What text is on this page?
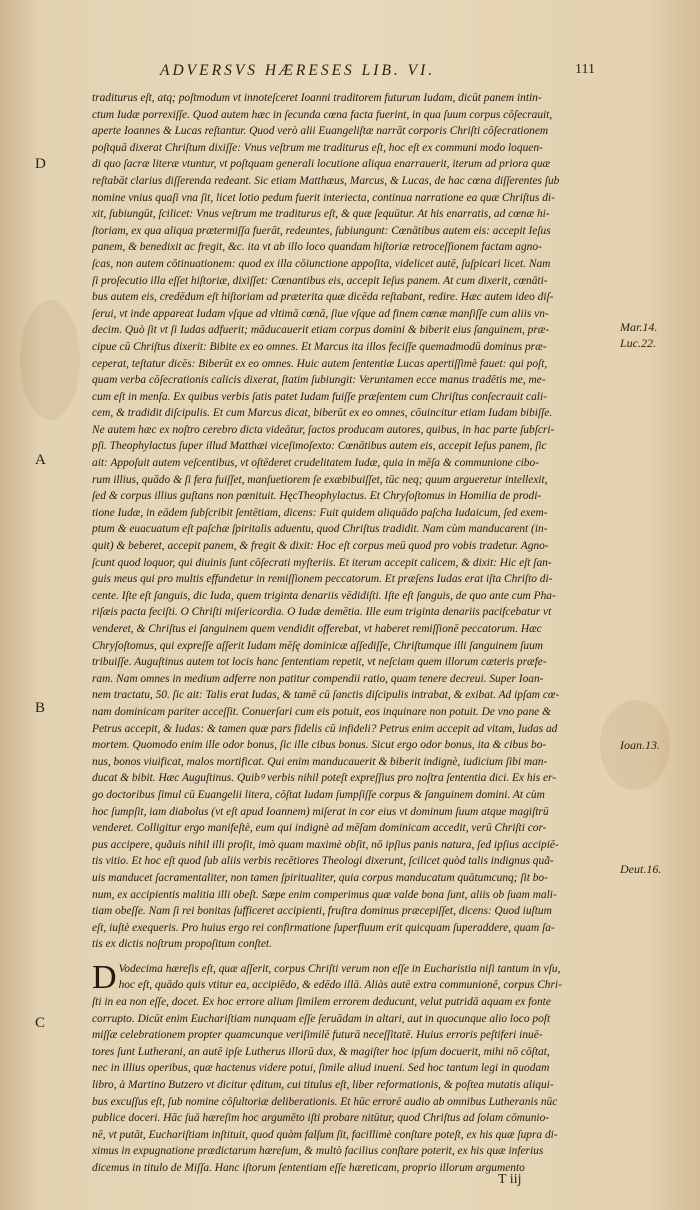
ADVERSVS HÆRESES LIB. VI.	111
D
A
B
C
Mar.14.
Luc.22.
Ioan.13.
Deut.16.
traditurus eſt, atq; poſtmodum vt innoteſceret Ioanni traditorem futurum Iudam, dicūt panem intin-
ctum Iudæ porrexiſſe. Quod autem hæc in ſecunda cœna facta fuerint, in qua ſuum corpus cōſecrauit,
aperte Ioannes & Lucas reſtantur. Quod verò alii Euangeliſtæ narrāt corporis Chriſti cōſecrationem
poſtquā dixerat Chriſtum dixiſſe: Vnus veſtrum me traditurus eſt, hoc eſt ex communi modo loquen-
di quo ſacræ literæ vtuntur, vt poſtquam generali locutione aliqua enarrauerit, iterum ad priora quæ
reſtabāt clarius diſſerenda redeant. Sic etiam Matthæus, Marcus, & Lucas, de hac cœna diſſerentes ſub
nomine vnius quaſi vna ſit, licet lotio pedum fuerit interiecta, continua narratione ea quæ Chriſtus di-
xit, ſubiungūt, ſcilicet: Vnus veſtrum me traditurus eſt, & quæ ſequūtur. At his enarratis, ad cœnæ hi-
ſtoriam, ex qua aliqua prætermiſſa fuerāt, redeuntes, ſubiungunt: Cœnātibus autem eis: accepit Ieſus
panem, & benedixit ac fregit, &c. ita vt ab illo loco quandam hiſtoriæ retroceſſionem factam agno-
ſcas, non autem cōtinuationem: quod ex illa cōiunctione appoſita, videlicet autē, ſuſpicari licet. Nam
ſi proſecutio illa eſſet hiſtoriæ, dixiſſet: Cœnantibus eis, accepit Ieſus panem. At cum dixerit, cœnāti-
bus autem eis, credēdum eſt hiſtoriam ad præterita quæ dicēda reſtabant, redire. Hæc autem ideo diſ-
ſerui, vt inde appareat Iudam vſque ad vltimā cœnā, ſiue vſque ad finem cœnæ manſiſſe cum aliis vn-
decim. Quò ſit vt ſi Iudas adfuerit; māducauerit etiam corpus domini & biberit eius ſanguinem, præ-
cipue cū Chriſtus dixerit: Bibite ex eo omnes. Et Marcus ita illos feciſſe quemadmodū dominus præ-
ceperat, teſtatur dicēs: Biberūt ex eo omnes. Huic autem ſententiæ Lucas apertiſſimè fauet: qui poſt,
quam verba cōſecrationis calicis dixerat, ſtatim ſubiungit: Veruntamen ecce manus tradētis me, me-
cum eſt in menſa. Ex quibus verbis ſatis patet Iudam fuiſſe præſentem cum Chriſtus conſecrauit cali-
cem, & tradidit diſcipulis. Et cum Marcus dicat, biberūt ex eo omnes, cōuincitur etiam Iudam bibiſſe.
Ne autem hæc ex noſtro cerebro dicta videātur, ſactos producam autores, quibus, in hac parte ſubſcri-
pſi. Theophylactus ſuper illud Matthæi viceſimoſexto: Cœnātibus autem eis, accepit Ieſus panem, ſic
ait: Appoſuit autem veſcentibus, vt oſtēderet crudelitatem Iudæ, quia in mēſa & communione cibo-
rum illius, quādo & ſi fera fuiſſet, manſuetiorem ſe exæbibuiſſet, tūc neq; quum argueretur intellexit,
ſed & corpus illius guſtans non pœnituit. HęcTheophylactus. Et Chryſoſtomus in Homilia de prodi-
tione Iudæ, in eādem ſubſcribit ſentētiam, dicens: Fuit quidem aliquādo paſcha Iudaicum, ſed exem-
ptum & euacuatum eſt paſchæ ſpiritalis aduentu, quod Chriſtus tradidit. Nam cùm manducarent (in-
quit) & beberet, accepit panem, & fregit & dixit: Hoc eſt corpus meū quod pro vobis tradetur. Agno-
ſcunt quod loquor, qui diuinis ſunt cōſecrati myſteriis. Et iterum accepit calicem, & dixit: Hic eſt ſan-
guis meus qui pro multis effundetur in remiſſionem peccatorum. Et præſens Iudas erat iſta Chriſto di-
cente. Iſte eſt ſanguis, dic Iuda, quem triginta denariis vēdidiſti. Iſte eſt ſanguis, de quo ante cum Pha-
riſæis pacta feciſti. O Chriſti miſericordia. O Iudæ demētia. Ille eum triginta denariis pacifcebatur vt
venderet, & Chriſtus ei ſanguinem quem vendidit offerebat, vt haberet remiſſionē peccatorum. Hæc
Chryſoſtomus, qui expreſſe aſſerit Iudam mēſę dominicæ aſſediſſe, Chriſtumque illi ſanguinem ſuum
tribuiſſe. Auguſtinus autem tot locis hanc ſententiam repetit, vt neſciam quem illorum cæteris præfe-
ram. Nam omnes in medium adferre non patitur compendii ratio, quam tenere decreui. Super Ioan-
nem tractatu, 50. ſic ait: Talis erat Iudas, & tamē cū ſanctis diſcipulis intrabat, & exibat. Ad ipſam cœ-
nam dominicam pariter acceſſit. Conuerſari cum eis potuit, eos inquinare non potuit. De vno pane &
Petrus accepit, & Iudas: & tamen quæ pars fidelis cū infideli? Petrus enim accepit ad vitam, Iudas ad
mortem. Quomodo enim ille odor bonus, ſic ille cibus bonus. Sicut ergo odor bonus, ita & cibus bo-
nus, bonos viuificat, malos mortificat. Qui enim manducauerit & biberit indignè, iudicium ſibi man-
ducat & bibit. Hæc Auguſtinus. Quibꝰ verbis nihil poteſt expreſſius pro noſtra ſententia dici. Ex his er-
go doctoribus ſimul cū Euangelii litera, cōſtat Iudam ſumpſiſſe corpus & ſanguinem domini. At cùm
hoc ſumpſit, iam diabolus (vt eſt apud Ioannem) miſerat in cor eius vt dominum ſuum atque magiſtrū
venderet. Colligitur ergo manifeſtè, eum qui indignè ad mēſam dominicam accedit, verū Chriſti cor-
pus accipere, quãuis nihil illi proſit, imò quam maximè obſit, nō ipſius panis natura, ſed ipſius accipiē-
tis vitio. Et hoc eſt quod ſub aliis verbis recētiores Theologi dixerunt, ſcilicet quòd talis indignus quã-
uis manducet ſacramentaliter, non tamen ſpiritualiter, quia corpus manducatum quātumcunq; ſit bo-
num, ex accipientis malitia illi obeſt. Sæpe enim comperimus quæ valde bona ſunt, aliis ob ſuam mali-
tiam obeſſe. Nam ſi rei bonitas ſufficeret accipienti, fruſtra dominus præcepiſſet, dicens: Quod iuſtum
eſt, iuſtè exequeris. Pro huius ergo rei confirmatione ſuperfluum erit quicquam ſuperaddere, quam ſa-
tis ex dictis noſtrum propoſitum conſtet.
D Vodecima hæreſis eſt, quæ aſſerit, corpus Chriſti verum non eſſe in Eucharistia niſi tantum in vſu,
hoc eſt, quādo quis vtitur ea, accipiēdo, & edēdo illā. Aliàs autē extra communionē, corpus Chri-
ſti in ea non eſſe, docet. Ex hoc errore alium ſimilem errorem deducunt, velut putridā aquam ex fonte
corrupto. Dicūt enim Euchariſtiam nunquam eſſe ſeruādam in altari, aut in quocunque alio loco poſt
miſſæ celebrationem propter quamcunque veriſimilē futurā neceſſitatē. Huius erroris peſtiferi inuē-
tores ſunt Lutherani, an autē ipſe Lutherus illorū dux, & magiſter hoc ipſum docuerit, mihi nō cōſtat,
nec in illius operibus, quæ hactenus videre potui, ſimile aliud inueni. Sed hoc tantum legi in quodam
libro, à Martino Butzero vt dicitur ęditum, cui titulus eſt, liber reformationis, & poſtea mutatis aliqui-
bus excuſſus eſt, ſub nomine cōſultoriæ deliberationis. Et hūc errorē audio ab omnibus Lutheranis nūc
publice doceri. Hāc ſuā hæreſim hoc argumēto iſti probare nitūtur, quod Chriſtus ad ſolam cōmunio-
nē, vt putāt, Euchariſtiam inſtituit, quod quàm falſum ſit, facillimè conſtare poteſt, ex his quæ ſupra di-
ximus in expugnatione prædictarum hæreſum, & multò facilius conſtare poterit, ex his quæ inferius
dicemus in titulo de Miſſa. Hanc iſtorum ſententiam eſſe hæreticam, proprio illorum argumento
T iij
